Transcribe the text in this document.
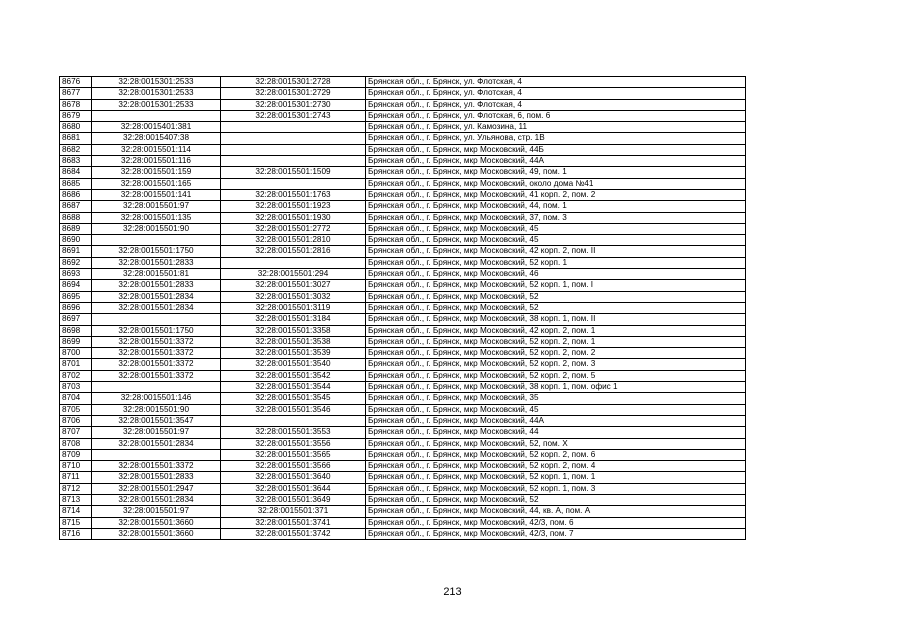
8676	32:28:0015301:2533	32:28:0015301:2728	Брянская обл., г. Брянск, ул. Флотская, 4
8677	32:28:0015301:2533	32:28:0015301:2729	Брянская обл., г. Брянск, ул. Флотская, 4
8678	32:28:0015301:2533	32:28:0015301:2730	Брянская обл., г. Брянск, ул. Флотская, 4
8679		32:28:0015301:2743	Брянская обл., г. Брянск, ул. Флотская, 6, пом. 6
8680	32:28:0015401:381		Брянская обл., г. Брянск, ул. Камозина, 11
8681	32:28:0015407:38		Брянская обл., г. Брянск, ул. Ульянова, стр. 1В
8682	32:28:0015501:114		Брянская обл., г. Брянск, мкр Московский, 44Б
8683	32:28:0015501:116		Брянская обл., г. Брянск, мкр Московский, 44А
8684	32:28:0015501:159	32:28:0015501:1509	Брянская обл., г. Брянск, мкр Московский, 49, пом. 1
8685	32:28:0015501:165		Брянская обл., г. Брянск, мкр Московский, около дома №41
8686	32:28:0015501:141	32:28:0015501:1763	Брянская обл., г. Брянск, мкр Московский, 41 корп. 2, пом. 2
8687	32:28:0015501:97	32:28:0015501:1923	Брянская обл., г. Брянск, мкр Московский, 44, пом. 1
8688	32:28:0015501:135	32:28:0015501:1930	Брянская обл., г. Брянск, мкр Московский, 37, пом. 3
8689	32:28:0015501:90	32:28:0015501:2772	Брянская обл., г. Брянск, мкр Московский, 45
8690		32:28:0015501:2810	Брянская обл., г. Брянск, мкр Московский, 45
8691	32:28:0015501:1750	32:28:0015501:2816	Брянская обл., г. Брянск, мкр Московский, 42 корп. 2, пом. II
8692	32:28:0015501:2833		Брянская обл., г. Брянск, мкр Московский, 52 корп. 1
8693	32:28:0015501:81	32:28:0015501:294	Брянская обл., г. Брянск, мкр Московский, 46
8694	32:28:0015501:2833	32:28:0015501:3027	Брянская обл., г. Брянск, мкр Московский, 52 корп. 1, пом. I
8695	32:28:0015501:2834	32:28:0015501:3032	Брянская обл., г. Брянск, мкр Московский, 52
8696	32:28:0015501:2834	32:28:0015501:3119	Брянская обл., г. Брянск, мкр Московский, 52
8697		32:28:0015501:3184	Брянская обл., г. Брянск, мкр Московский, 38 корп. 1, пом. II
8698	32:28:0015501:1750	32:28:0015501:3358	Брянская обл., г. Брянск, мкр Московский, 42 корп. 2, пом. 1
8699	32:28:0015501:3372	32:28:0015501:3538	Брянская обл., г. Брянск, мкр Московский, 52 корп. 2, пом. 1
8700	32:28:0015501:3372	32:28:0015501:3539	Брянская обл., г. Брянск, мкр Московский, 52 корп. 2, пом. 2
8701	32:28:0015501:3372	32:28:0015501:3540	Брянская обл., г. Брянск, мкр Московский, 52 корп. 2, пом. 3
8702	32:28:0015501:3372	32:28:0015501:3542	Брянская обл., г. Брянск, мкр Московский, 52 корп. 2, пом. 5
8703		32:28:0015501:3544	Брянская обл., г. Брянск, мкр Московский, 38 корп. 1, пом. офис 1
8704	32:28:0015501:146	32:28:0015501:3545	Брянская обл., г. Брянск, мкр Московский, 35
8705	32:28:0015501:90	32:28:0015501:3546	Брянская обл., г. Брянск, мкр Московский, 45
8706	32:28:0015501:3547		Брянская обл., г. Брянск, мкр Московский, 44А
8707	32:28:0015501:97	32:28:0015501:3553	Брянская обл., г. Брянск, мкр Московский, 44
8708	32:28:0015501:2834	32:28:0015501:3556	Брянская обл., г. Брянск, мкр Московский, 52, пом. X
8709		32:28:0015501:3565	Брянская обл., г. Брянск, мкр Московский, 52 корп. 2, пом. 6
8710	32:28:0015501:3372	32:28:0015501:3566	Брянская обл., г. Брянск, мкр Московский, 52 корп. 2, пом. 4
8711	32:28:0015501:2833	32:28:0015501:3640	Брянская обл., г. Брянск, мкр Московский, 52 корп. 1, пом. 1
8712	32:28:0015501:2947	32:28:0015501:3644	Брянская обл., г. Брянск, мкр Московский, 52 корп. 1, пом. 3
8713	32:28:0015501:2834	32:28:0015501:3649	Брянская обл., г. Брянск, мкр Московский, 52
8714	32:28:0015501:97	32:28:0015501:371	Брянская обл., г. Брянск, мкр Московский, 44, кв. А, пом. А
8715	32:28:0015501:3660	32:28:0015501:3741	Брянская обл., г. Брянск, мкр Московский, 42/3, пом. 6
8716	32:28:0015501:3660	32:28:0015501:3742	Брянская обл., г. Брянск, мкр Московский, 42/3, пом. 7
213
